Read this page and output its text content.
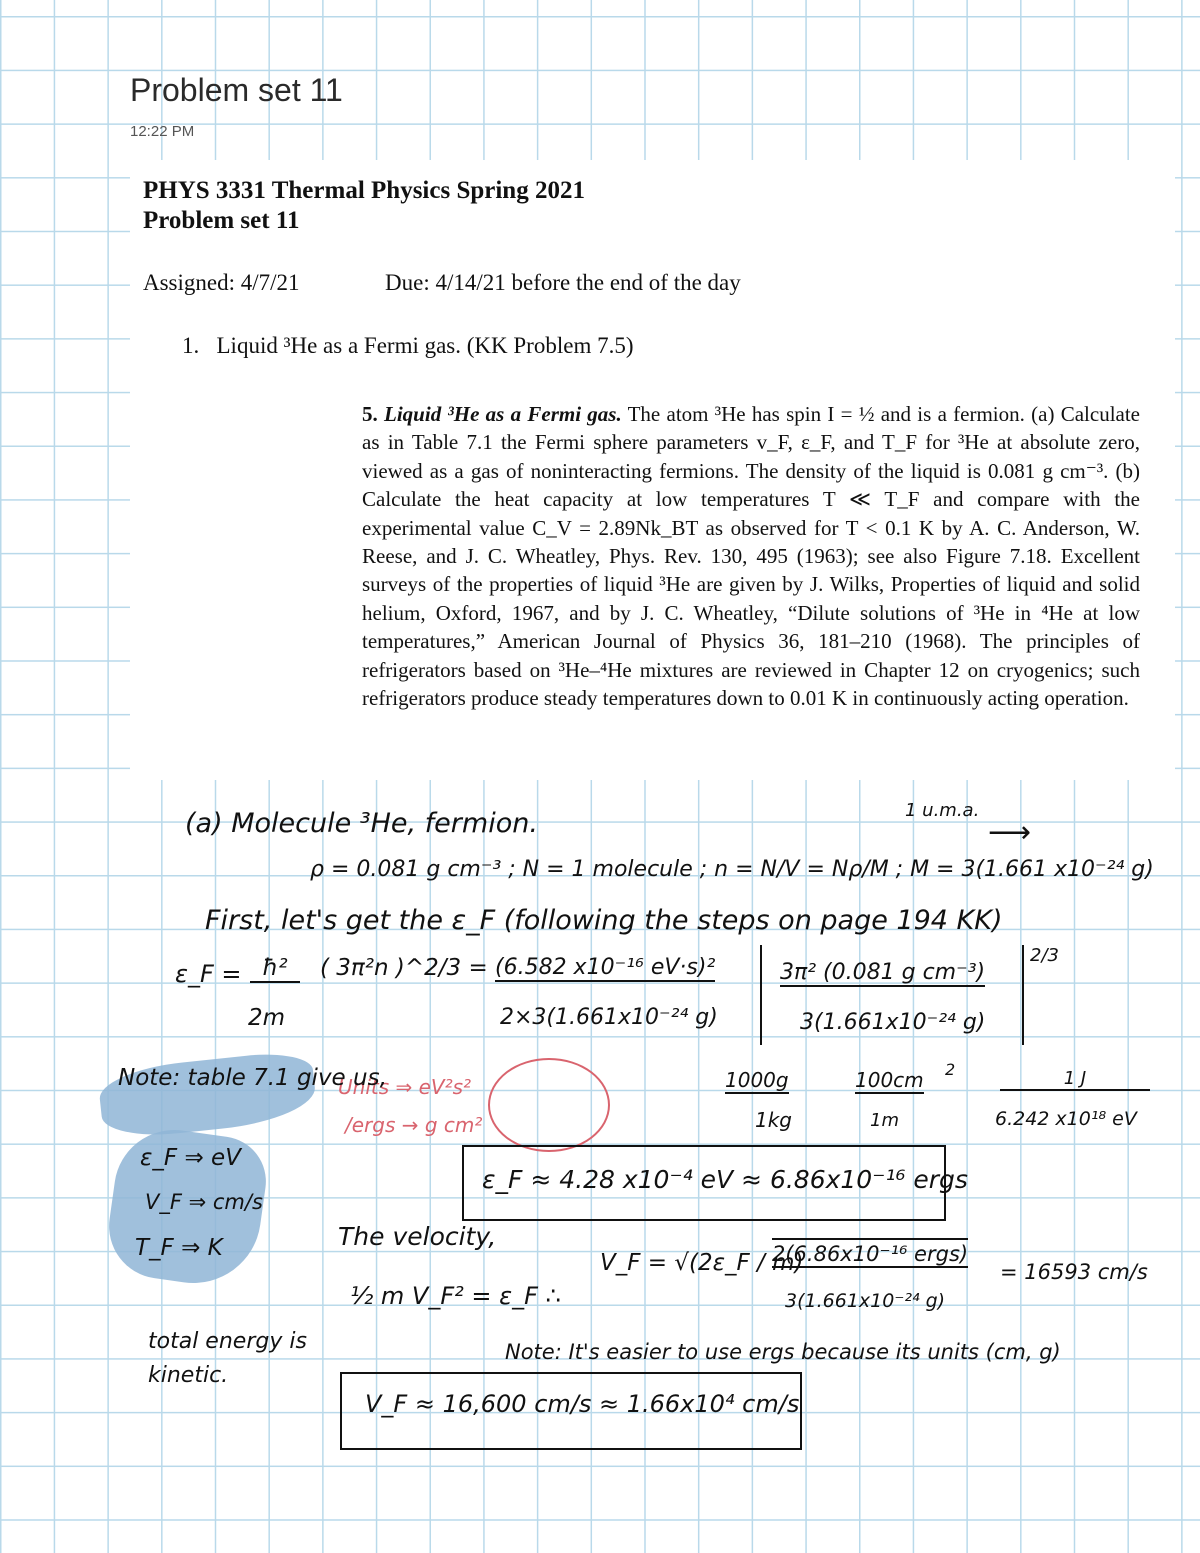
Problem set 11
12:22 PM
PHYS 3331 Thermal Physics Spring 2021
Problem set 11
Assigned: 4/7/21	Due: 4/14/21 before the end of the day
1. Liquid ³He as a Fermi gas. (KK Problem 7.5)
5. Liquid ³He as a Fermi gas. The atom ³He has spin I = ½ and is a fermion. (a) Calculate as in Table 7.1 the Fermi sphere parameters v_F, ε_F, and T_F for ³He at absolute zero, viewed as a gas of noninteracting fermions. The density of the liquid is 0.081 g cm⁻³. (b) Calculate the heat capacity at low temperatures T ≪ T_F and compare with the experimental value C_V = 2.89Nk_BT as observed for T < 0.1 K by A. C. Anderson, W. Reese, and J. C. Wheatley, Phys. Rev. 130, 495 (1963); see also Figure 7.18. Excellent surveys of the properties of liquid ³He are given by J. Wilks, Properties of liquid and solid helium, Oxford, 1967, and by J. C. Wheatley, “Dilute solutions of ³He in ⁴He at low temperatures,” American Journal of Physics 36, 181–210 (1968). The principles of refrigerators based on ³He–⁴He mixtures are reviewed in Chapter 12 on cryogenics; such refrigerators produce steady temperatures down to 0.01 K in continuously acting operation.
(a) Molecule ³He, fermion.	1 u.m.a.
⟶
ρ = 0.081 g cm⁻³ ; N = 1 molecule ; n = N/V = Nρ/M ; M = 3(1.661 x10⁻²⁴ g)
First, let's get the ε_F (following the steps on page 194 KK)
ε_F = ħ²
2m
( 3π²n )^2/3 = (6.582 x10⁻¹⁶ eV·s)²
2×3(1.661x10⁻²⁴ g)
3π² (0.081 g cm⁻³)
3(1.661x10⁻²⁴ g)
2/3
1000g
1kg
100cm
1m
2	1 J
6.242 x10¹⁸ eV
Units ⇒ eV²s²
/ergs → g cm²
ε_F ≈ 4.28 x10⁻⁴ eV ≈ 6.86x10⁻¹⁶ ergs
Note: table 7.1 give us,
ε_F ⇒ eV
V_F ⇒ cm/s
T_F ⇒ K	The velocity,
½ m V_F² = ε_F ∴
V_F = √(2ε_F / m)
2(6.86x10⁻¹⁶ ergs)
3(1.661x10⁻²⁴ g)
= 16593 cm/s
total energy is kinetic.
Note: It's easier to use ergs because its units (cm, g)
V_F ≈ 16,600 cm/s ≈ 1.66x10⁴ cm/s
